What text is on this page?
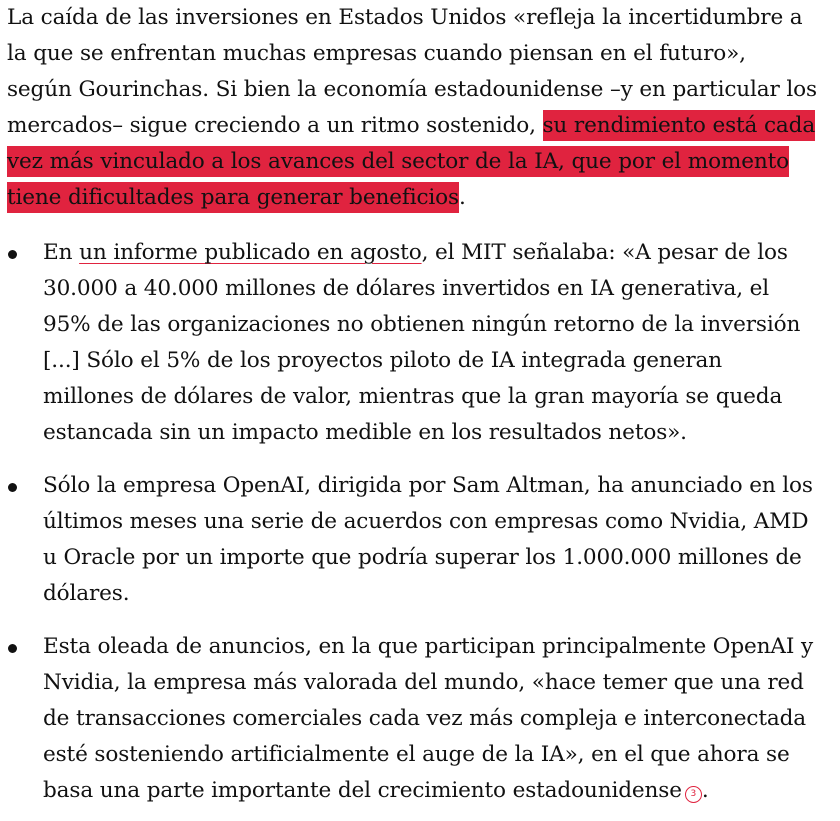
La caída de las inversiones en Estados Unidos «refleja la incertidumbre a la que se enfrentan muchas empresas cuando piensan en el futuro», según Gourinchas. Si bien la economía estadounidense –y en particular los mercados– sigue creciendo a un ritmo sostenido, su rendimiento está cada vez más vinculado a los avances del sector de la IA, que por el momento tiene dificultades para generar beneficios.

En un informe publicado en agosto, el MIT señalaba: «A pesar de los 30.000 a 40.000 millones de dólares invertidos en IA generativa, el 95% de las organizaciones no obtienen ningún retorno de la inversión [...] Sólo el 5% de los proyectos piloto de IA integrada generan millones de dólares de valor, mientras que la gran mayoría se queda estancada sin un impacto medible en los resultados netos».
Sólo la empresa OpenAI, dirigida por Sam Altman, ha anunciado en los últimos meses una serie de acuerdos con empresas como Nvidia, AMD u Oracle por un importe que podría superar los 1.000.000 millones de dólares.
Esta oleada de anuncios, en la que participan principalmente OpenAI y Nvidia, la empresa más valorada del mundo, «hace temer que una red de transacciones comerciales cada vez más compleja e interconectada esté sosteniendo artificialmente el auge de la IA», en el que ahora se basa una parte importante del crecimiento estadounidense 3 .
